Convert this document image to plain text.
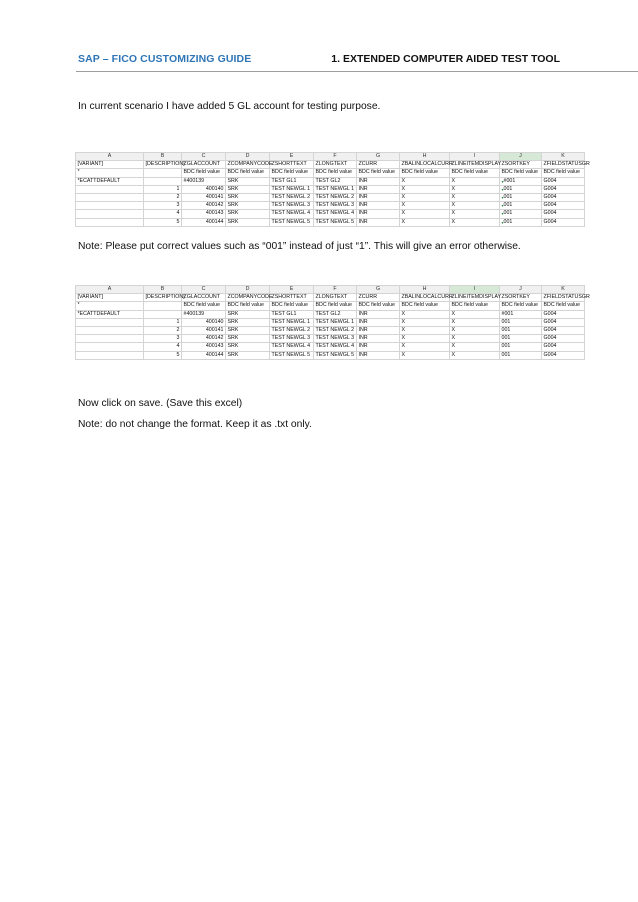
SAP – FICO CUSTOMIZING GUIDE	1. EXTENDED COMPUTER AIDED TEST TOOL
In current scenario I have added 5 GL account for testing purpose.
A	B	C	D	E	F	G	H	I	J	K
[VARIANT]	[DESCRIPTION]	ZGLACCOUNT	ZCOMPANYCODE	ZSHORTTEXT	ZLONGTEXT	ZCURR	ZBALINLOCALCURR	ZLINEITEMDISPLAY	ZSORTKEY	ZFIELDSTATUSGR
*		BDC field value	BDC field value	BDC field value	BDC field value	BDC field value	BDC field value	BDC field value	BDC field value	BDC field value
*ECATTDEFAULT		#400139	SRK	TEST GL1	TEST GL2	INR	X	X	▾#001	G004
	1	400140	SRK	TEST NEWGL 1	TEST NEWGL 1	INR	X	X	▾001	G004
	2	400141	SRK	TEST NEWGL 2	TEST NEWGL 2	INR	X	X	▾001	G004
	3	400142	SRK	TEST NEWGL 3	TEST NEWGL 3	INR	X	X	▾001	G004
	4	400143	SRK	TEST NEWGL 4	TEST NEWGL 4	INR	X	X	▾001	G004
	5	400144	SRK	TEST NEWGL 5	TEST NEWGL 5	INR	X	X	▾001	G004
Note: Please put correct values such as “001” instead of just “1”. This will give an error otherwise.
A	B	C	D	E	F	G	H	I	J	K
[VARIANT]	[DESCRIPTION]	ZGLACCOUNT	ZCOMPANYCODE	ZSHORTTEXT	ZLONGTEXT	ZCURR	ZBALINLOCALCURR	ZLINEITEMDISPLAY	ZSORTKEY	ZFIELDSTATUSGR
*		BDC field value	BDC field value	BDC field value	BDC field value	BDC field value	BDC field value	BDC field value	BDC field value	BDC field value
*ECATTDEFAULT		#400139	SRK	TEST GL1	TEST GL2	INR	X	X	#001	G004
	1	400140	SRK	TEST NEWGL 1	TEST NEWGL 1	INR	X	X	001	G004
	2	400141	SRK	TEST NEWGL 2	TEST NEWGL 2	INR	X	X	001	G004
	3	400142	SRK	TEST NEWGL 3	TEST NEWGL 3	INR	X	X	001	G004
	4	400143	SRK	TEST NEWGL 4	TEST NEWGL 4	INR	X	X	001	G004
	5	400144	SRK	TEST NEWGL 5	TEST NEWGL 5	INR	X	X	001	G004
Now click on save. (Save this excel)
Note: do not change the format. Keep it as .txt only.
